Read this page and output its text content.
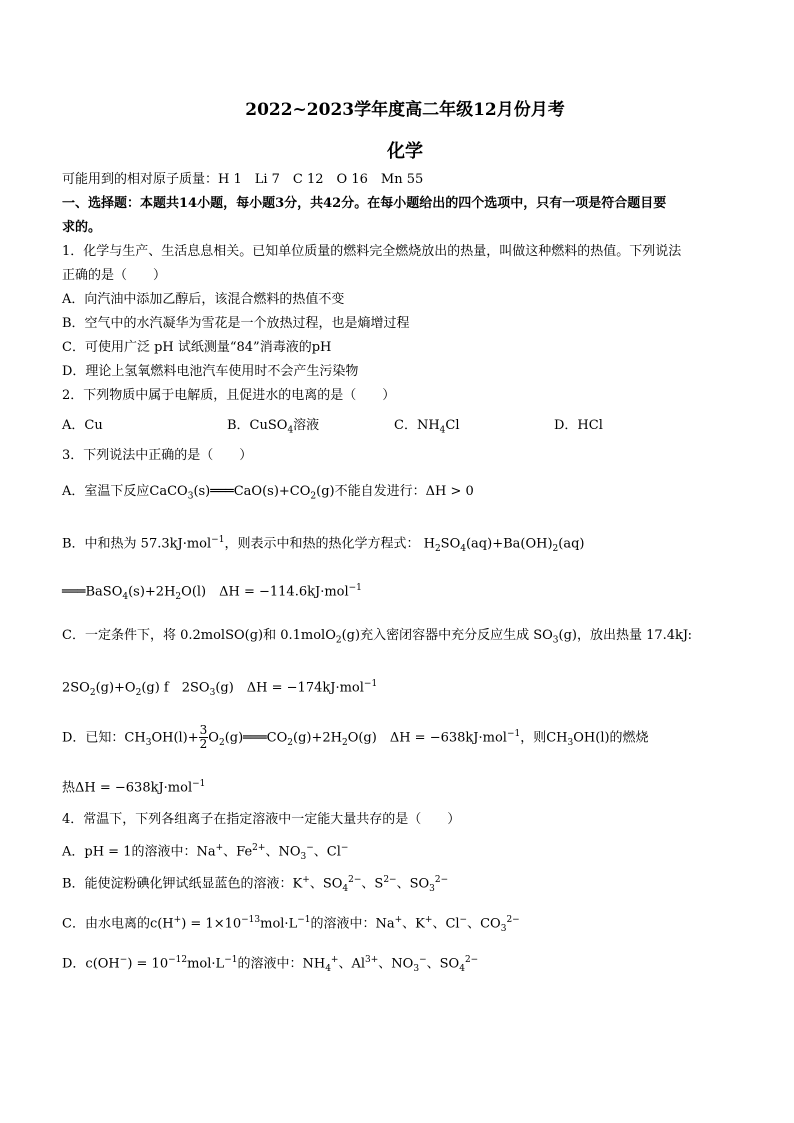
2022~2023学年度高二年级12月份月考
化学
可能用到的相对原子质量：H 1　Li 7　C 12　O 16　Mn 55
一、选择题：本题共14小题，每小题3分，共42分。在每小题给出的四个选项中，只有一项是符合题目要
求的。
1．化学与生产、生活息息相关。已知单位质量的燃料完全燃烧放出的热量，叫做这种燃料的热值。下列说法
正确的是（　　）
A．向汽油中添加乙醇后，该混合燃料的热值不变
B．空气中的水汽凝华为雪花是一个放热过程，也是熵增过程
C．可使用广泛 pH 试纸测量“84”消毒液的pH
D．理论上氢氧燃料电池汽车使用时不会产生污染物
2．下列物质中属于电解质，且促进水的电离的是（　　）
A．Cu	B．CuSO$_4$溶液	C．$NH_4Cl$	D．HCl
3．下列说法中正确的是（　　）
A．室温下反应$CaCO_3(s)═══CaO(s)+CO_2(g)$不能自发进行：ΔH > 0
B．中和热为 57.3kJ·mol$^{-1}$，则表示中和热的热化学方程式： $H_2SO_4(aq)+Ba(OH)_2(aq)$
$═══BaSO_4(s)+2H_2O(l)$　ΔH = −114.6kJ·mol$^{-1}$
C．一定条件下，将 0.2molSO(g)和 0.1molO$_2$(g)充入密闭容器中充分反应生成 $SO_3(g)$，放出热量 17.4kJ:
$2SO_2(g)+O_2(g)$ f　$2SO_3(g)$　ΔH = −174kJ·mol$^{-1}$
D．已知：$CH_3OH(l)+ \frac{3}{2}$ $O_2(g)═══CO_2(g)+2H_2O(g)$　ΔH = −638kJ·mol$^{-1}$，则$CH_3OH(l)$的燃烧
热ΔH = −638kJ·mol$^{-1}$
4．常温下，下列各组离子在指定溶液中一定能大量共存的是（　　）
A．pH = 1的溶液中：Na+、$Fe^{2+}$、$NO_3^-$、Cl−
B．能使淀粉碘化钾试纸显蓝色的溶液：K+、$SO_4^{2-}$、$S^{2-}$、$SO_3^{2-}$
C．由水电离的$c(H^+) = 1\times 10^{-13}mol\cdot L^{-1}$的溶液中：Na+、K+、Cl−、$CO_3^{2-}$
D．$c(OH^-) = 10^{-12}mol\cdot L^{-1}$的溶液中：$NH_4^+$、$Al^{3+}$、$NO_3^-$、$SO_4^{2-}$
